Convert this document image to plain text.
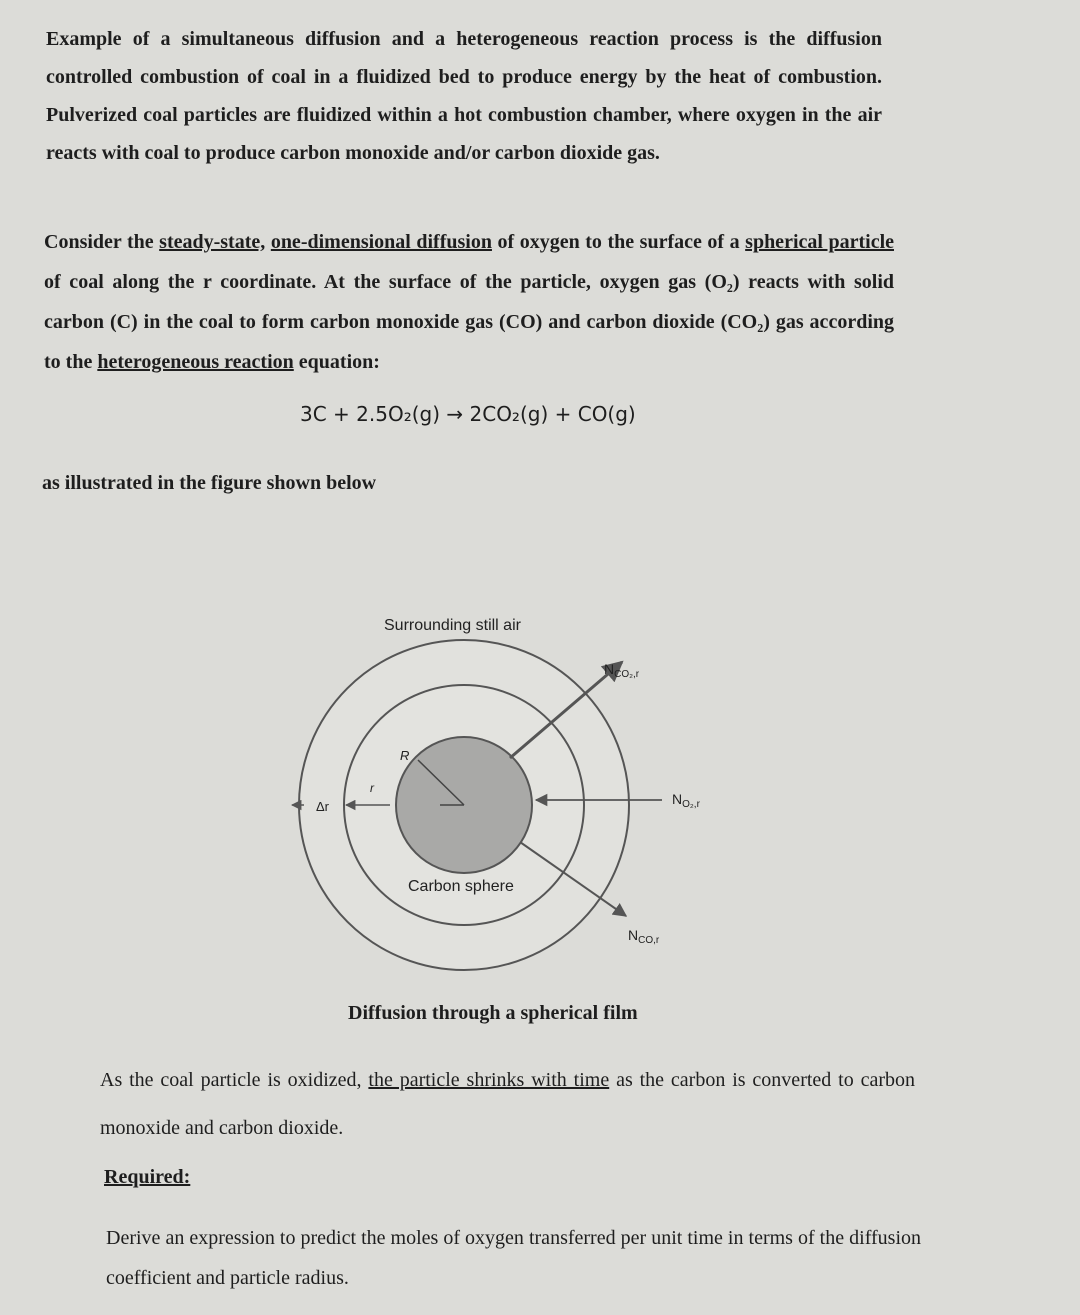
Example of a simultaneous diffusion and a heterogeneous reaction process is the diffusion controlled combustion of coal in a fluidized bed to produce energy by the heat of combustion. Pulverized coal particles are fluidized within a hot combustion chamber, where oxygen in the air reacts with coal to produce carbon monoxide and/or carbon dioxide gas.

Consider the steady-state, one-dimensional diffusion of oxygen to the surface of a spherical particle of coal along the r coordinate. At the surface of the particle, oxygen gas (O₂) reacts with solid carbon (C) in the coal to form carbon monoxide gas (CO) and carbon dioxide (CO₂) gas according to the heterogeneous reaction equation:

3C + 2.5O₂(g) → 2CO₂(g) + CO(g)

as illustrated in the figure shown below

Surrounding still air
Carbon sphere
R
r
Δr
$N_{CO_2,r}$
$N_{O_2,r}$
$N_{CO,r}$

Diffusion through a spherical film

As the coal particle is oxidized, the particle shrinks with time as the carbon is converted to carbon monoxide and carbon dioxide.

Required:

Derive an expression to predict the moles of oxygen transferred per unit time in terms of the diffusion coefficient and particle radius.
